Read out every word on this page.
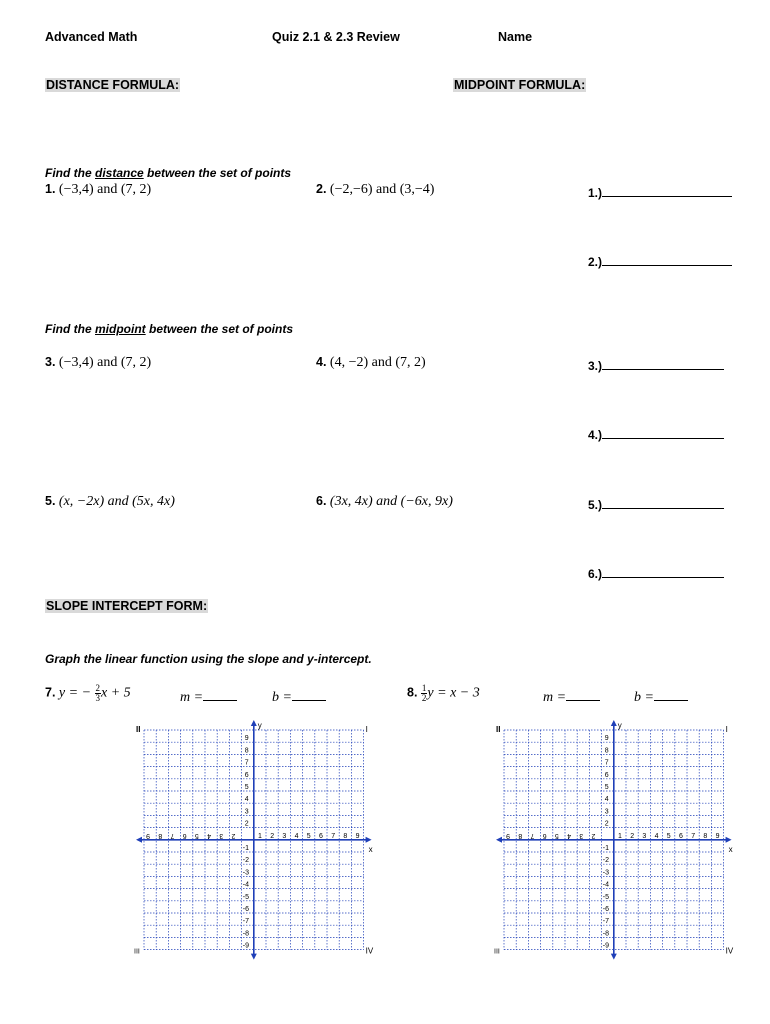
Advanced Math	Quiz 2.1 & 2.3 Review	Name
DISTANCE FORMULA:	MIDPOINT FORMULA:
Find the distance between the set of points
1. (−3,4) and (7, 2)	2. (−2,−6) and (3,−4)	1.)
2.)
Find the midpoint between the set of points
3. (−3,4) and (7, 2)	4. (4, −2) and (7, 2)	3.)
4.)
5. (x, −2x) and (5x, 4x)	6. (3x, 4x) and (−6x, 9x)	5.)
6.)
SLOPE INTERCEPT FORM:
Graph the linear function using the slope and y-intercept.
7. y = − $\frac{2}{3}$ x + 5	m =	b =	8. $\frac{1}{2}$ y = x − 3	m =	b =
9 8 7 6 5 4 3 2	1 2 3 4 5 6 7 8 9
9
8
7
6
5
4
3
2
-1
-2
-3
-4
-5
-6
-7
-8
-9
x
y	I
II
III	IV
9 8 7 6 5 4 3 2	1 2 3 4 5 6 7 8 9
9
8
7
6
5
4
3
2
-1
-2
-3
-4
-5
-6
-7
-8
-9
x
y	I
II
III	IV
